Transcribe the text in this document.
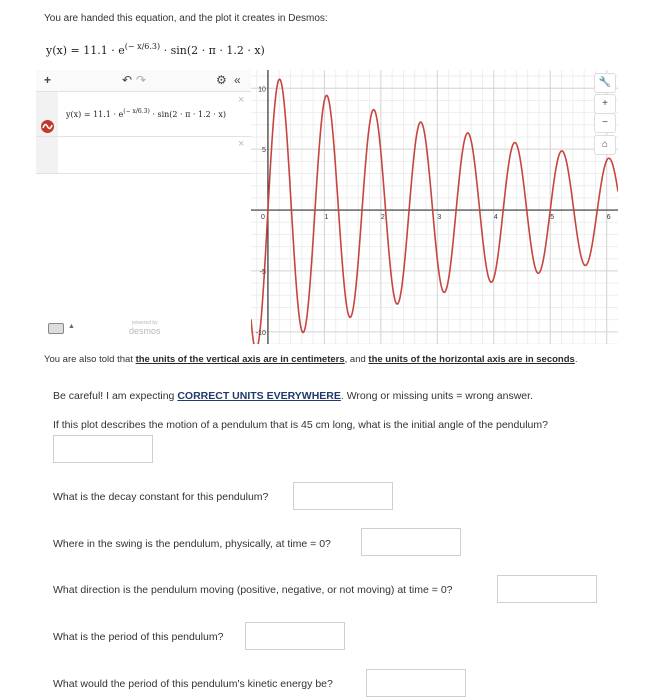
You are handed this equation, and the plot it creates in Desmos:
$y(x) = 11.1 \cdot e^{(- x/6.3)} \cdot \sin(2 \cdot \pi \cdot 1.2 \cdot x)$
+	↶ ↷	⚙ «
$y(x) = 11.1 \cdot e^{(- x/6.3)} \cdot \sin(2 \cdot \pi \cdot 1.2 \cdot x)$
×
×
▲	powered by
desmos
0	1	2	3	4	5	6
10
5
-5
-10
🔧
+
−
⌂
You are also told that the units of the vertical axis are in centimeters, and the units of the horizontal axis are in seconds.
Be careful! I am expecting CORRECT UNITS EVERYWHERE. Wrong or missing units = wrong answer.
If this plot describes the motion of a pendulum that is 45 cm long, what is the initial angle of the pendulum?
What is the decay constant for this pendulum?
Where in the swing is the pendulum, physically, at time = 0?
What direction is the pendulum moving (positive, negative, or not moving) at time = 0?
What is the period of this pendulum?
What would the period of this pendulum's kinetic energy be?
